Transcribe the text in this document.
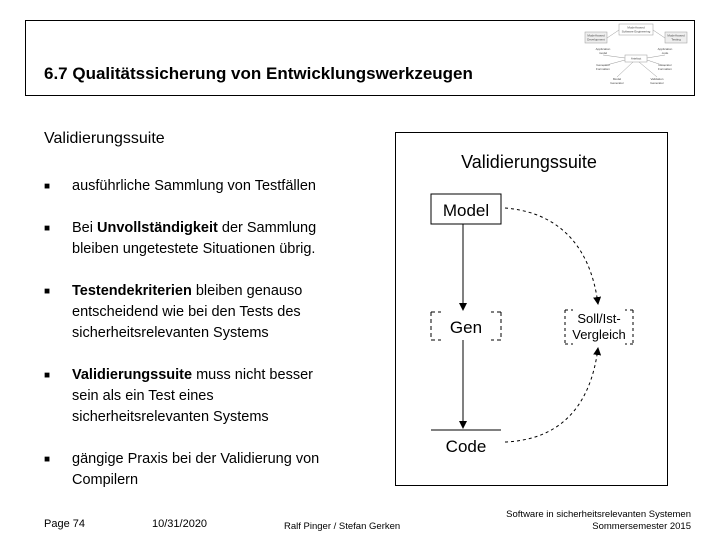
6.7 Qualitätssicherung von Entwicklungswerkzeugen
Model-based
Software Engineering
Model-based
Development
Model-based
Testing
Application
model
Application
code
Artefact
Generator
Formalism
Generator
Formalism
Model
Generator
Validation
Generator
Validierungssuite
■ ausführliche Sammlung von Testfällen
■ Bei Unvollständigkeit der Sammlung
bleiben ungetestete Situationen übrig.
■ Testendekriterien bleiben genauso
entscheidend wie bei den Tests des
sicherheitsrelevanten Systems
■ Validierungssuite muss nicht besser
sein als ein Test eines
sicherheitsrelevanten Systems
■ gängige Praxis bei der Validierung von
Compilern
Validierungssuite
Model
Gen
Code
Soll/Ist-
Vergleich
Page 74	10/31/2020	Ralf Pinger / Stefan Gerken
Software in sicherheitsrelevanten Systemen
Sommersemester 2015
